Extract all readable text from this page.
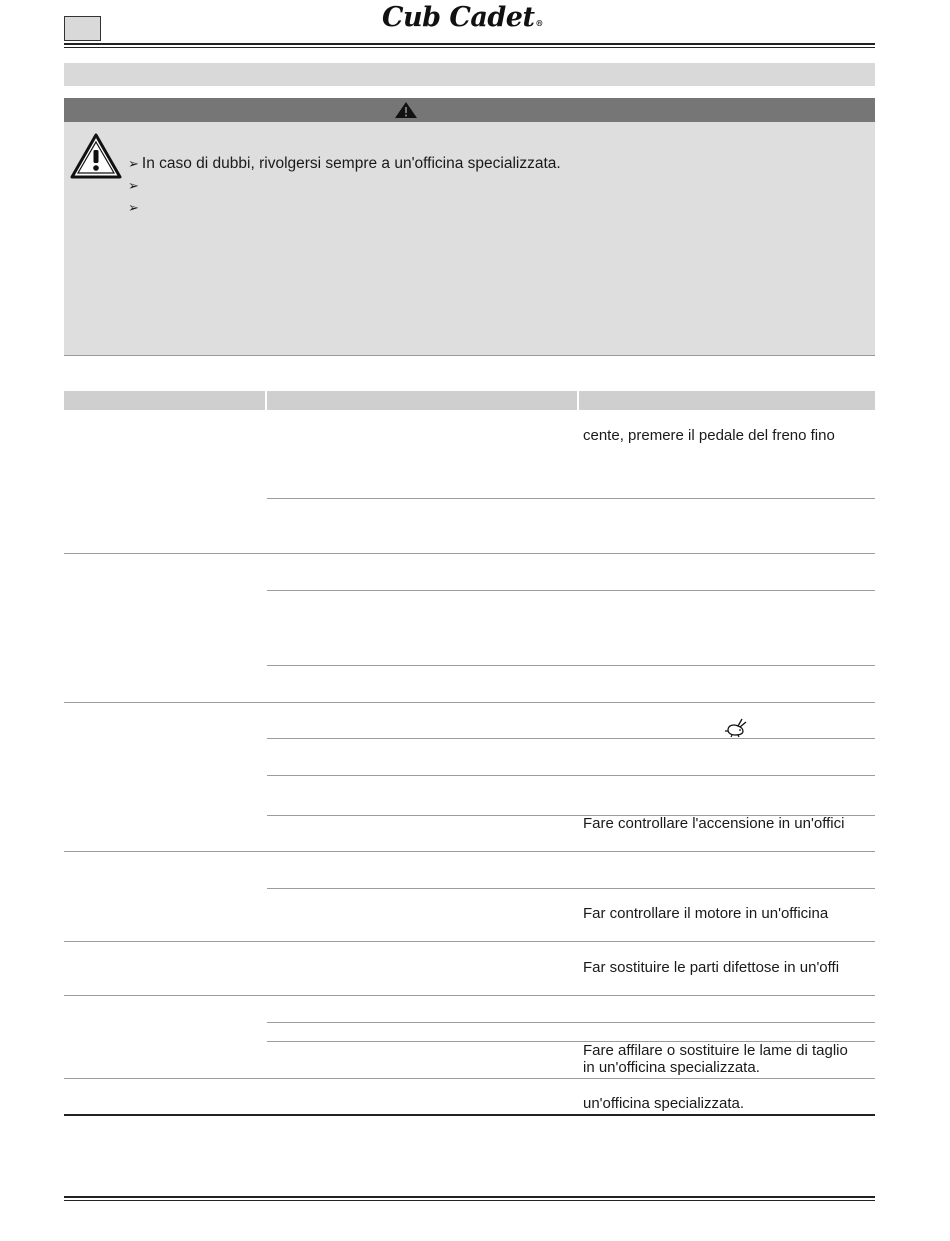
Cub Cadet®
➢ In caso di dubbi, rivolgersi sempre a un'officina specializzata.
➢
➢
cente, premere il pedale del freno fino
Fare controllare l'accensione in un'offici
Far controllare il motore in un'officina
Far sostituire le parti difettose in un'offi
Fare affilare o sostituire le lame di taglio
in un'officina specializzata.
un'officina specializzata.
